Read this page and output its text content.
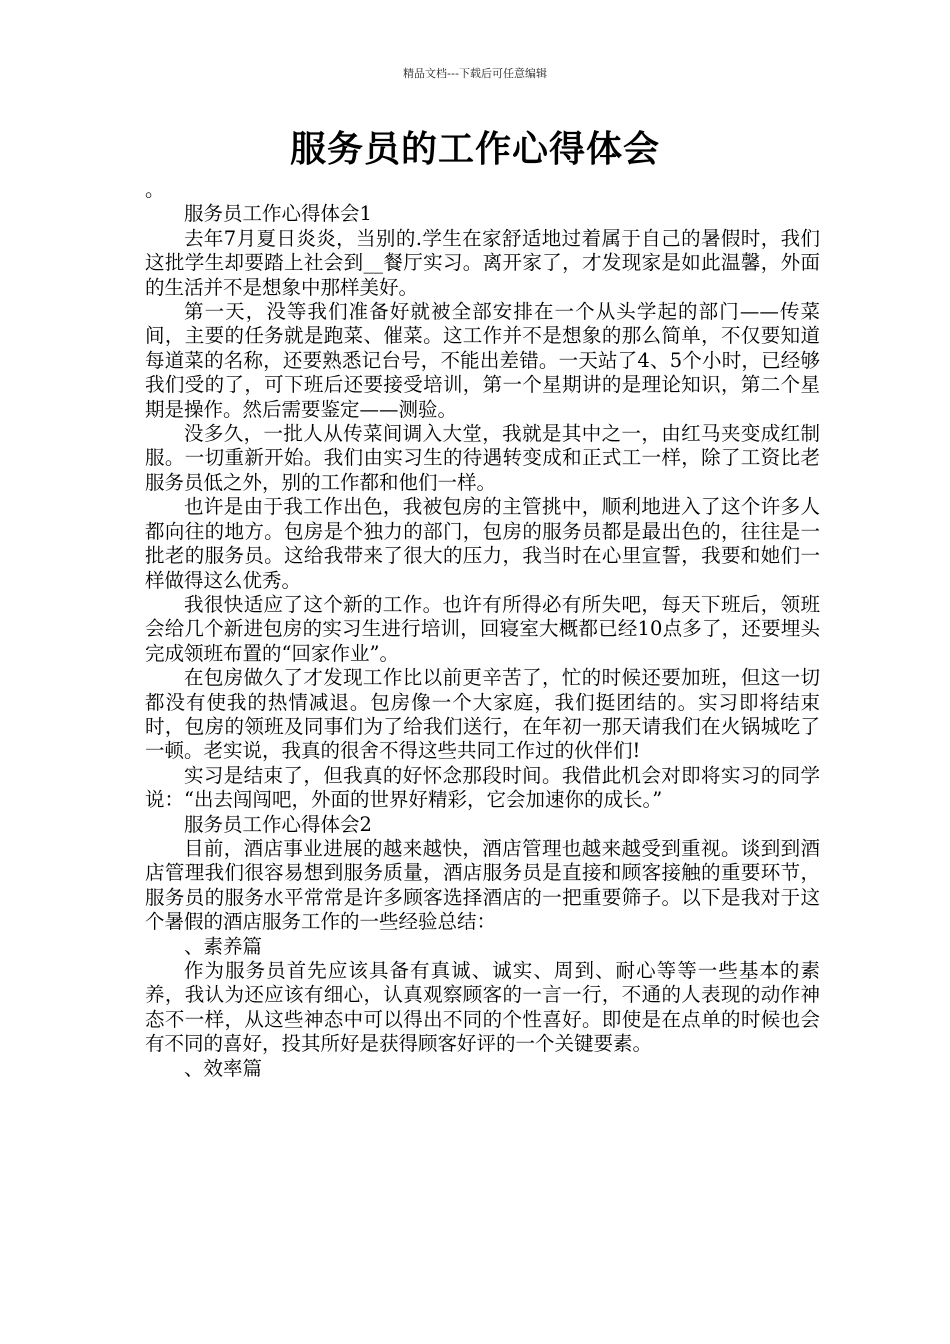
精品文档---下载后可任意编辑
服务员的工作心得体会

。

服务员工作心得体会1

去年7月夏日炎炎，当别的.学生在家舒适地过着属于自己的暑假时，我们这批学生却要踏上社会到__餐厅实习。离开家了，才发现家是如此温馨，外面的生活并不是想象中那样美好。

第一天，没等我们准备好就被全部安排在一个从头学起的部门——传菜间，主要的任务就是跑菜、催菜。这工作并不是想象的那么简单，不仅要知道每道菜的名称，还要熟悉记台号，不能出差错。一天站了4、5个小时，已经够我们受的了，可下班后还要接受培训，第一个星期讲的是理论知识，第二个星期是操作。然后需要鉴定——测验。

没多久，一批人从传菜间调入大堂，我就是其中之一，由红马夹变成红制服。一切重新开始。我们由实习生的待遇转变成和正式工一样，除了工资比老服务员低之外，别的工作都和他们一样。

也许是由于我工作出色，我被包房的主管挑中，顺利地进入了这个许多人都向往的地方。包房是个独力的部门，包房的服务员都是最出色的，往往是一批老的服务员。这给我带来了很大的压力，我当时在心里宣誓，我要和她们一样做得这么优秀。

我很快适应了这个新的工作。也许有所得必有所失吧，每天下班后，领班会给几个新进包房的实习生进行培训，回寝室大概都已经10点多了，还要埋头完成领班布置的“回家作业”。

在包房做久了才发现工作比以前更辛苦了，忙的时候还要加班，但这一切都没有使我的热情减退。包房像一个大家庭，我们挺团结的。实习即将结束时，包房的领班及同事们为了给我们送行，在年初一那天请我们在火锅城吃了一顿。老实说，我真的很舍不得这些共同工作过的伙伴们!

实习是结束了，但我真的好怀念那段时间。我借此机会对即将实习的同学说：“出去闯闯吧，外面的世界好精彩，它会加速你的成长。”

服务员工作心得体会2

目前，酒店事业进展的越来越快，酒店管理也越来越受到重视。谈到到酒店管理我们很容易想到服务质量，酒店服务员是直接和顾客接触的重要环节，服务员的服务水平常常是许多顾客选择酒店的一把重要筛子。以下是我对于这个暑假的酒店服务工作的一些经验总结：

、素养篇

作为服务员首先应该具备有真诚、诚实、周到、耐心等等一些基本的素养，我认为还应该有细心，认真观察顾客的一言一行，不通的人表现的动作神态不一样，从这些神态中可以得出不同的个性喜好。即使是在点单的时候也会有不同的喜好，投其所好是获得顾客好评的一个关键要素。

、效率篇
